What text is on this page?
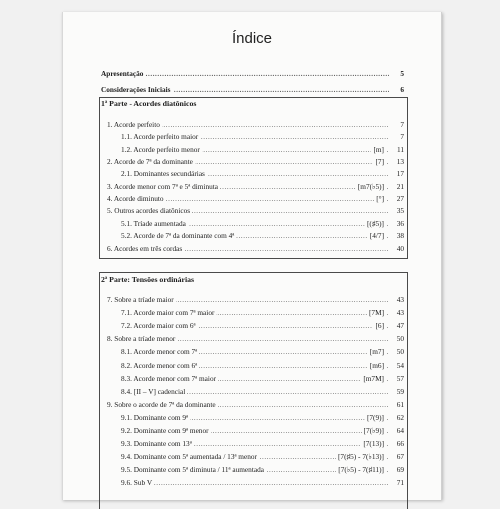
Índice
.....
Apresentação	5
.....
Considerações Iniciais	6
1ª Parte - Acordes diatônicos
.....
1. Acorde perfeito	7
.....
1.1. Acorde perfeito maior	7
.....
1.2. Acorde perfeito menor	[m]	11
.....
2. Acorde de 7ª da dominante	[7]	13
.....
2.1. Dominantes secundárias	17
.....
3. Acorde menor com 7ª e 5ª diminuta	[m7(♭5)]	21
.....
4. Acorde diminuto	[°]	27
.....
5. Outros acordes diatônicos	35
.....
5.1. Tríade aumentada	[(♯5)]	36
.....
5.2. Acorde de 7ª da dominante com 4ª	[4/7]	38
.....
6. Acordes em três cordas	40
2ª Parte: Tensões ordinárias
.....
7. Sobre a tríade maior	43
.....
7.1. Acorde maior com 7ª maior	[7M]	43
.....
7.2. Acorde maior com 6ª	[6]	47
.....
8. Sobre a tríade menor	50
.....
8.1. Acorde menor com 7ª	[m7]	50
.....
8.2. Acorde menor com 6ª	[m6]	54
.....
8.3. Acorde menor com 7ª maior	[m7M]	57
.....
8.4. [II – V] cadencial	59
.....
9. Sobre o acorde de 7ª da dominante	61
.....
9.1. Dominante com 9ª	[7(9)]	62
.....
9.2. Dominante com 9ª menor	[7(♭9)]	64
.....
9.3. Dominante com 13ª	[7(13)]	66
.....
9.4. Dominante com 5ª aumentada / 13ª menor	[7(♯5) - 7(♭13)]	67
.....
9.5. Dominante com 5ª diminuta / 11ª aumentada	[7(♭5) - 7(♯11)]	69
.....
9.6. Sub V	71
